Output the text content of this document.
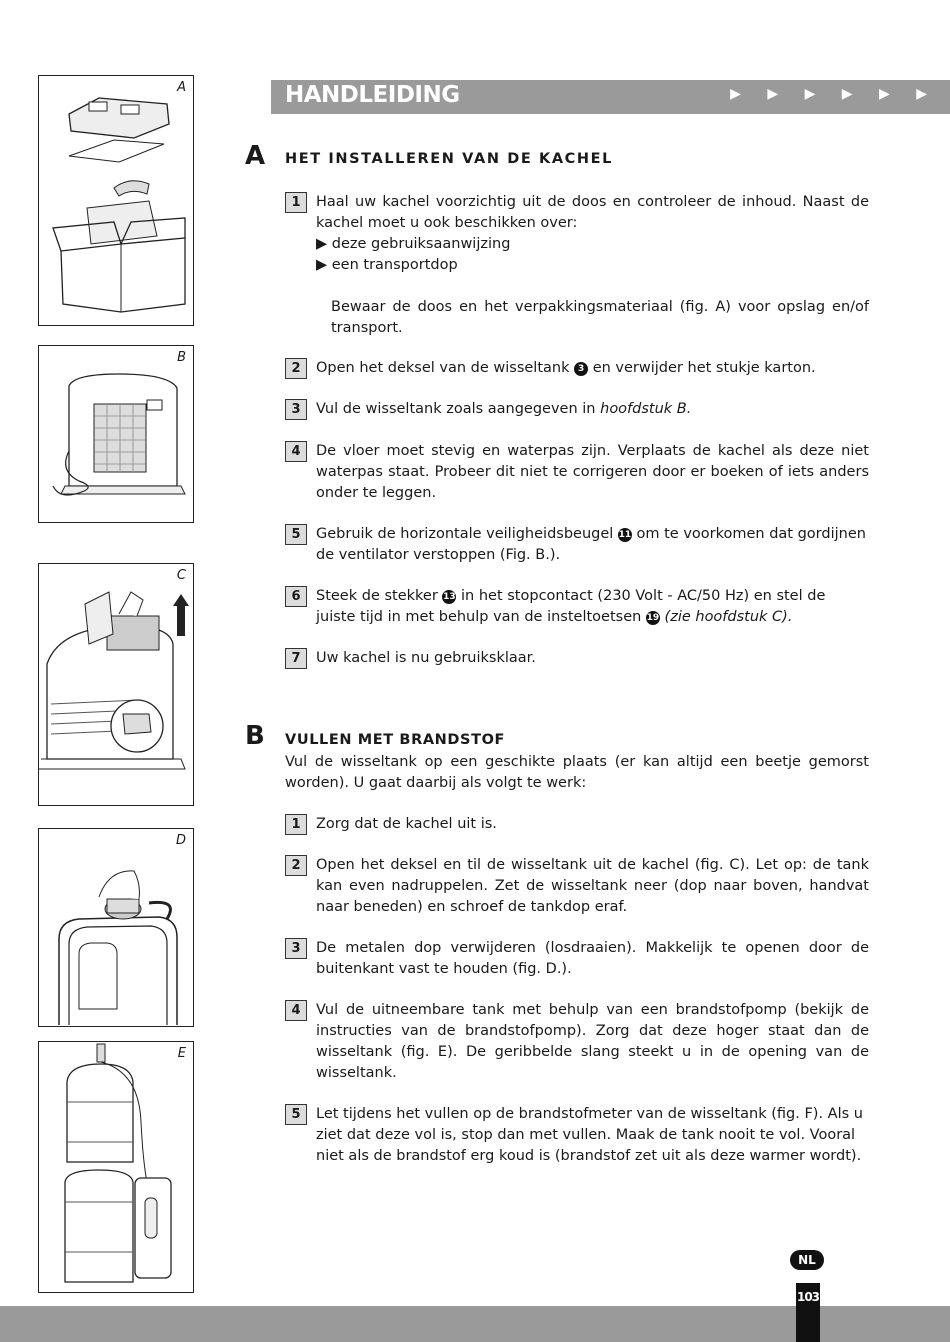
A
B
C
D
E
HANDLEIDING	▶ ▶ ▶ ▶ ▶ ▶
A HET INSTALLEREN VAN DE KACHEL
1	Haal uw kachel voorzichtig uit de doos en controleer de inhoud. Naast de kachel moet u ook beschikken over:
▶ deze gebruiksaanwijzing
▶ een transportdop
Bewaar de doos en het verpakkingsmateriaal (fig. A) voor opslag en/of transport.
2	Open het deksel van de wisseltank 3 en verwijder het stukje karton.
3	Vul de wisseltank zoals aangegeven in hoofdstuk B.
4	De vloer moet stevig en waterpas zijn. Verplaats de kachel als deze niet waterpas staat. Probeer dit niet te corrigeren door er boeken of iets anders onder te leggen.
5	Gebruik de horizontale veiligheidsbeugel 11 om te voorkomen dat gordijnen de ventilator verstoppen (Fig. B.).
6	Steek de stekker 13 in het stopcontact (230 Volt - AC/50 Hz) en stel de juiste tijd in met behulp van de insteltoetsen 19 (zie hoofdstuk C).
7	Uw kachel is nu gebruiksklaar.
B VULLEN MET BRANDSTOF
Vul de wisseltank op een geschikte plaats (er kan altijd een beetje gemorst worden). U gaat daarbij als volgt te werk:
1	Zorg dat de kachel uit is.
2	Open het deksel en til de wisseltank uit de kachel (fig. C). Let op: de tank kan even nadruppelen. Zet de wisseltank neer (dop naar boven, handvat naar beneden) en schroef de tankdop eraf.
3	De metalen dop verwijderen (losdraaien). Makkelijk te openen door de buitenkant vast te houden (fig. D.).
4	Vul de uitneembare tank met behulp van een brandstofpomp (bekijk de instructies van de brandstofpomp). Zorg dat deze hoger staat dan de wisseltank (fig. E). De geribbelde slang steekt u in de opening van de wisseltank.
5	Let tijdens het vullen op de brandstofmeter van de wisseltank (fig. F). Als u ziet dat deze vol is, stop dan met vullen. Maak de tank nooit te vol. Vooral niet als de brandstof erg koud is (brandstof zet uit als deze warmer wordt).
NL
103
